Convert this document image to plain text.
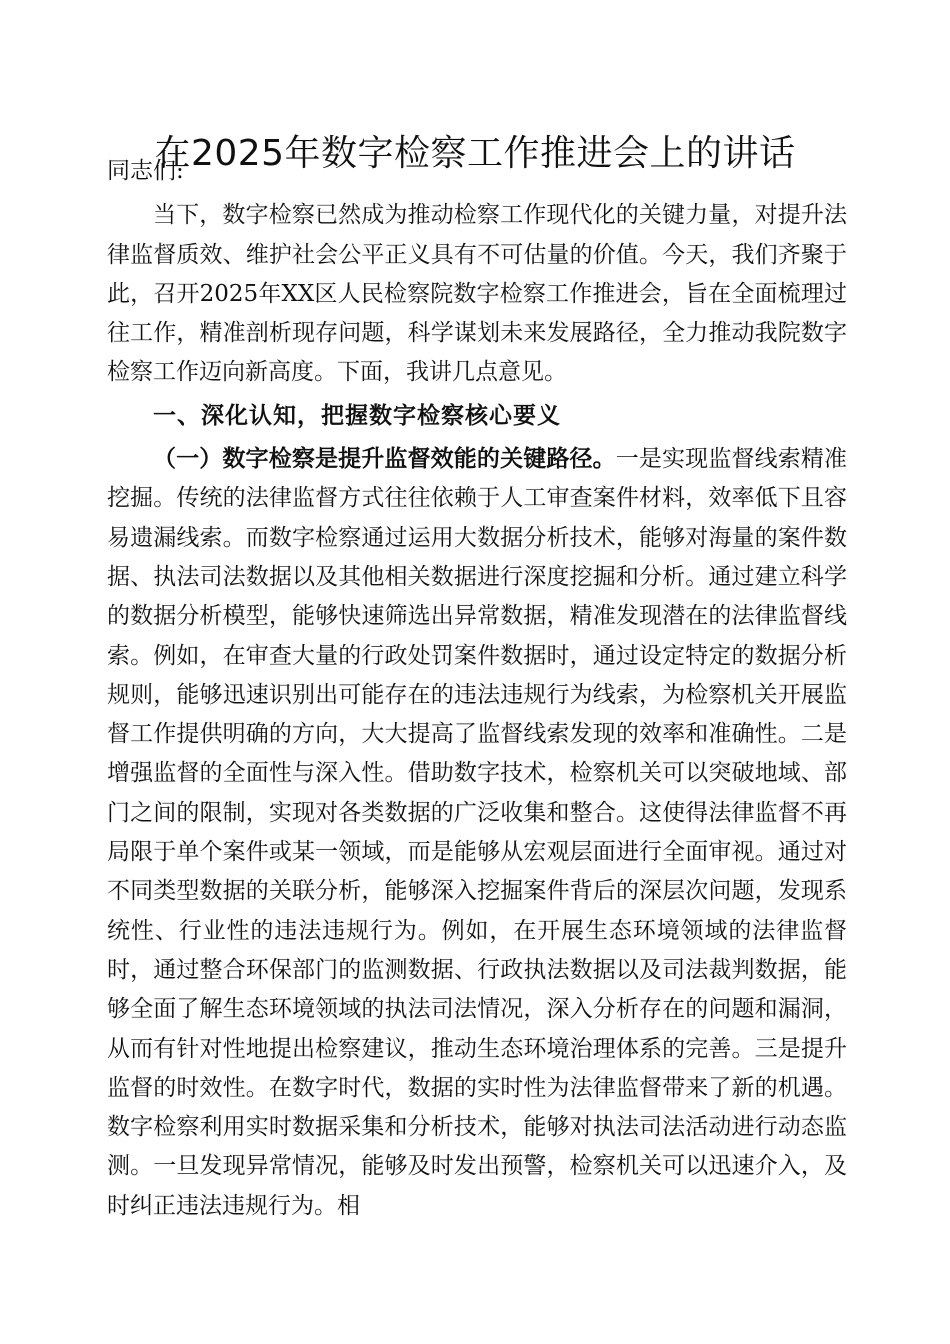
在2025年数字检察工作推进会上的讲话

同志们:

当下，数字检察已然成为推动检察工作现代化的关键力量，对提升法律监督质效、维护社会公平正义具有不可估量的价值。今天，我们齐聚于此，召开2025年XX区人民检察院数字检察工作推进会，旨在全面梳理过往工作，精准剖析现存问题，科学谋划未来发展路径，全力推动我院数字检察工作迈向新高度。下面，我讲几点意见。

一、深化认知，把握数字检察核心要义

（一）数字检察是提升监督效能的关键路径。一是实现监督线索精准挖掘。传统的法律监督方式往往依赖于人工审查案件材料，效率低下且容易遗漏线索。而数字检察通过运用大数据分析技术，能够对海量的案件数据、执法司法数据以及其他相关数据进行深度挖掘和分析。通过建立科学的数据分析模型，能够快速筛选出异常数据，精准发现潜在的法律监督线索。例如，在审查大量的行政处罚案件数据时，通过设定特定的数据分析规则，能够迅速识别出可能存在的违法违规行为线索，为检察机关开展监督工作提供明确的方向，大大提高了监督线索发现的效率和准确性。二是增强监督的全面性与深入性。借助数字技术，检察机关可以突破地域、部门之间的限制，实现对各类数据的广泛收集和整合。这使得法律监督不再局限于单个案件或某一领域，而是能够从宏观层面进行全面审视。通过对不同类型数据的关联分析，能够深入挖掘案件背后的深层次问题，发现系统性、行业性的违法违规行为。例如，在开展生态环境领域的法律监督时，通过整合环保部门的监测数据、行政执法数据以及司法裁判数据，能够全面了解生态环境领域的执法司法情况，深入分析存在的问题和漏洞，从而有针对性地提出检察建议，推动生态环境治理体系的完善。三是提升监督的时效性。在数字时代，数据的实时性为法律监督带来了新的机遇。数字检察利用实时数据采集和分析技术，能够对执法司法活动进行动态监测。一旦发现异常情况，能够及时发出预警，检察机关可以迅速介入，及时纠正违法违规行为。相
